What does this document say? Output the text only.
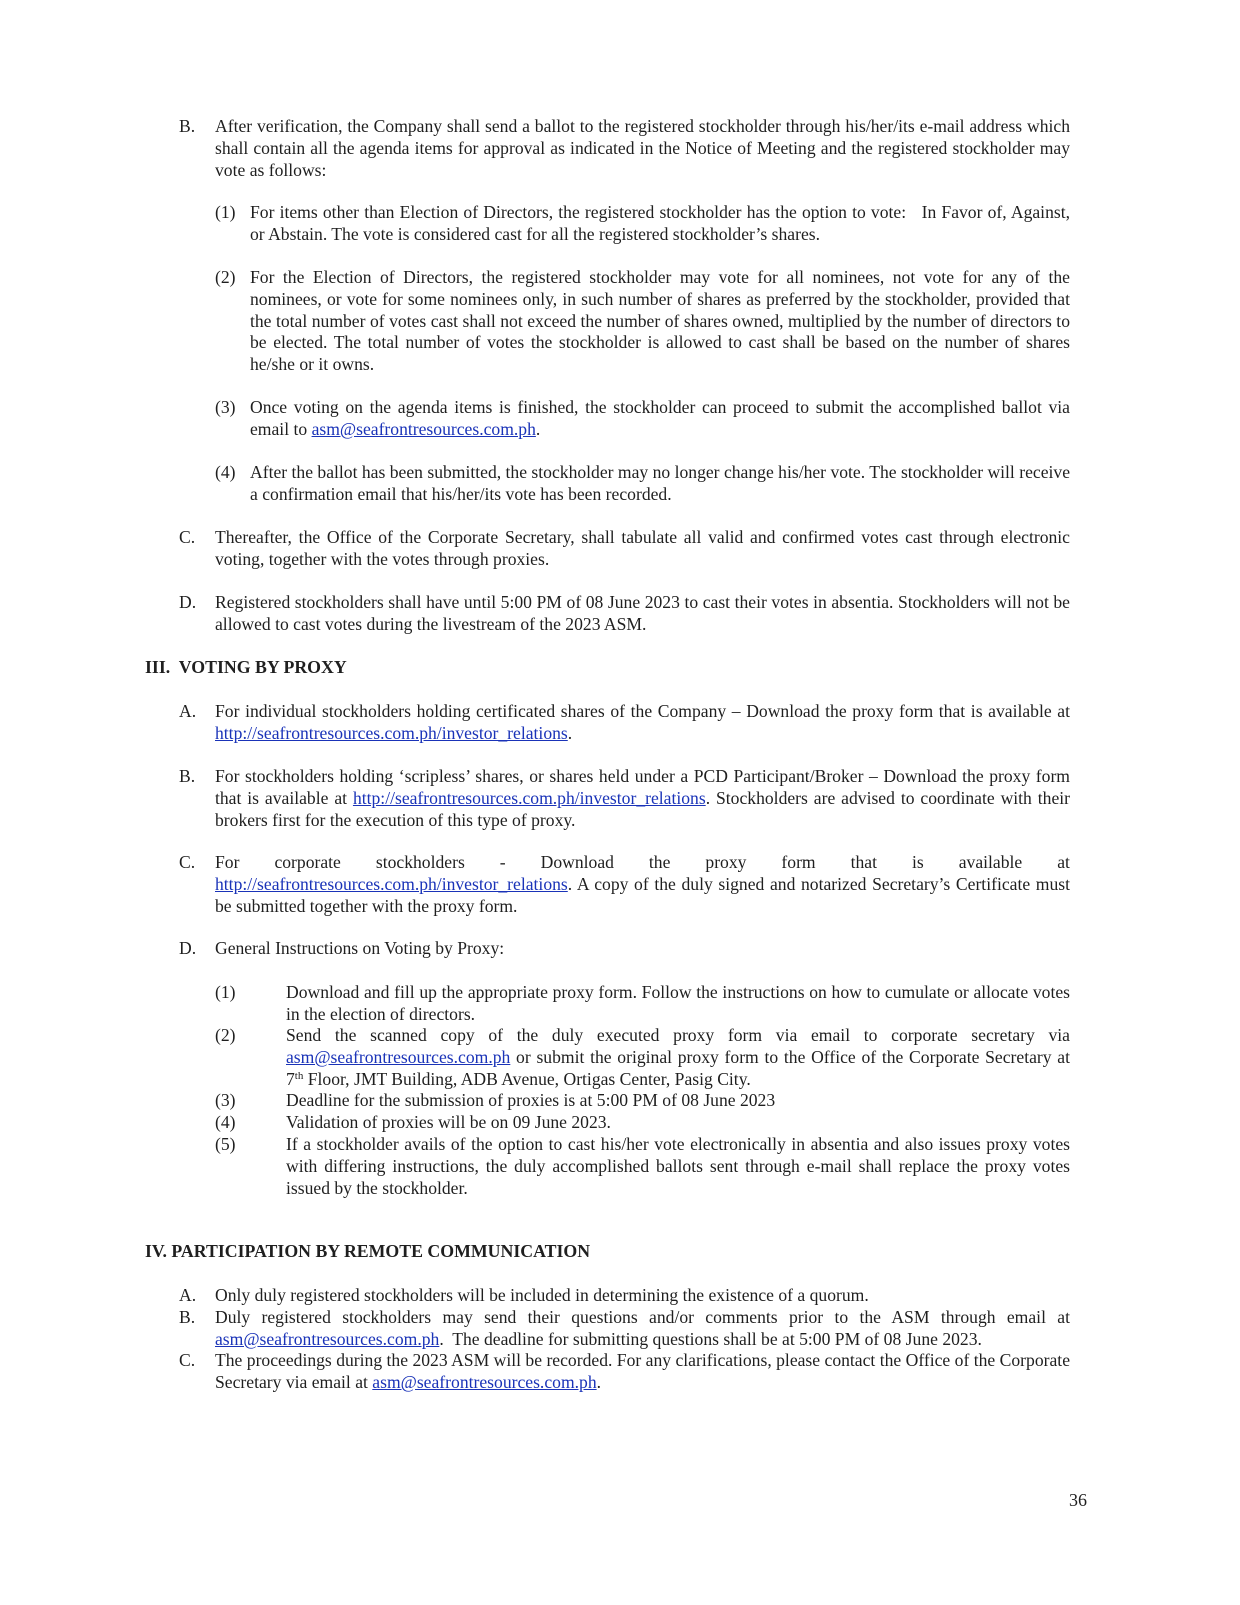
B. After verification, the Company shall send a ballot to the registered stockholder through his/her/its e-mail address which shall contain all the agenda items for approval as indicated in the Notice of Meeting and the registered stockholder may vote as follows:
(1) For items other than Election of Directors, the registered stockholder has the option to vote:   In Favor of, Against, or Abstain. The vote is considered cast for all the registered stockholder’s shares.
(2) For the Election of Directors, the registered stockholder may vote for all nominees, not vote for any of the nominees, or vote for some nominees only, in such number of shares as preferred by the stockholder, provided that the total number of votes cast shall not exceed the number of shares owned, multiplied by the number of directors to be elected. The total number of votes the stockholder is allowed to cast shall be based on the number of shares he/she or it owns.
(3) Once voting on the agenda items is finished, the stockholder can proceed to submit the accomplished ballot via email to asm@seafrontresources.com.ph.
(4) After the ballot has been submitted, the stockholder may no longer change his/her vote. The stockholder will receive a confirmation email that his/her/its vote has been recorded.
C. Thereafter, the Office of the Corporate Secretary, shall tabulate all valid and confirmed votes cast through electronic voting, together with the votes through proxies.
D. Registered stockholders shall have until 5:00 PM of 08 June 2023 to cast their votes in absentia. Stockholders will not be allowed to cast votes during the livestream of the 2023 ASM.
III.  VOTING BY PROXY
A. For individual stockholders holding certificated shares of the Company – Download the proxy form that is available at http://seafrontresources.com.ph/investor_relations.
B. For stockholders holding ‘scripless’ shares, or shares held under a PCD Participant/Broker – Download the proxy form that is available at http://seafrontresources.com.ph/investor_relations. Stockholders are advised to coordinate with their brokers first for the execution of this type of proxy.
C. For corporate stockholders - Download the proxy form that is available at
http://seafrontresources.com.ph/investor_relations. A copy of the duly signed and notarized Secretary’s Certificate must be submitted together with the proxy form.
D. General Instructions on Voting by Proxy:
(1)	Download and fill up the appropriate proxy form. Follow the instructions on how to cumulate or allocate votes in the election of directors.
(2)	Send the scanned copy of the duly executed proxy form via email to corporate secretary via asm@seafrontresources.com.ph or submit the original proxy form to the Office of the Corporate Secretary at 7th Floor, JMT Building, ADB Avenue, Ortigas Center, Pasig City.
(3)	Deadline for the submission of proxies is at 5:00 PM of 08 June 2023
(4)	Validation of proxies will be on 09 June 2023.
(5)	If a stockholder avails of the option to cast his/her vote electronically in absentia and also issues proxy votes with differing instructions, the duly accomplished ballots sent through e-mail shall replace the proxy votes issued by the stockholder.
IV. PARTICIPATION BY REMOTE COMMUNICATION
A. Only duly registered stockholders will be included in determining the existence of a quorum.
B. Duly registered stockholders may send their questions and/or comments prior to the ASM through email at asm@seafrontresources.com.ph.  The deadline for submitting questions shall be at 5:00 PM of 08 June 2023.
C. The proceedings during the 2023 ASM will be recorded. For any clarifications, please contact the Office of the Corporate Secretary via email at asm@seafrontresources.com.ph.
36
